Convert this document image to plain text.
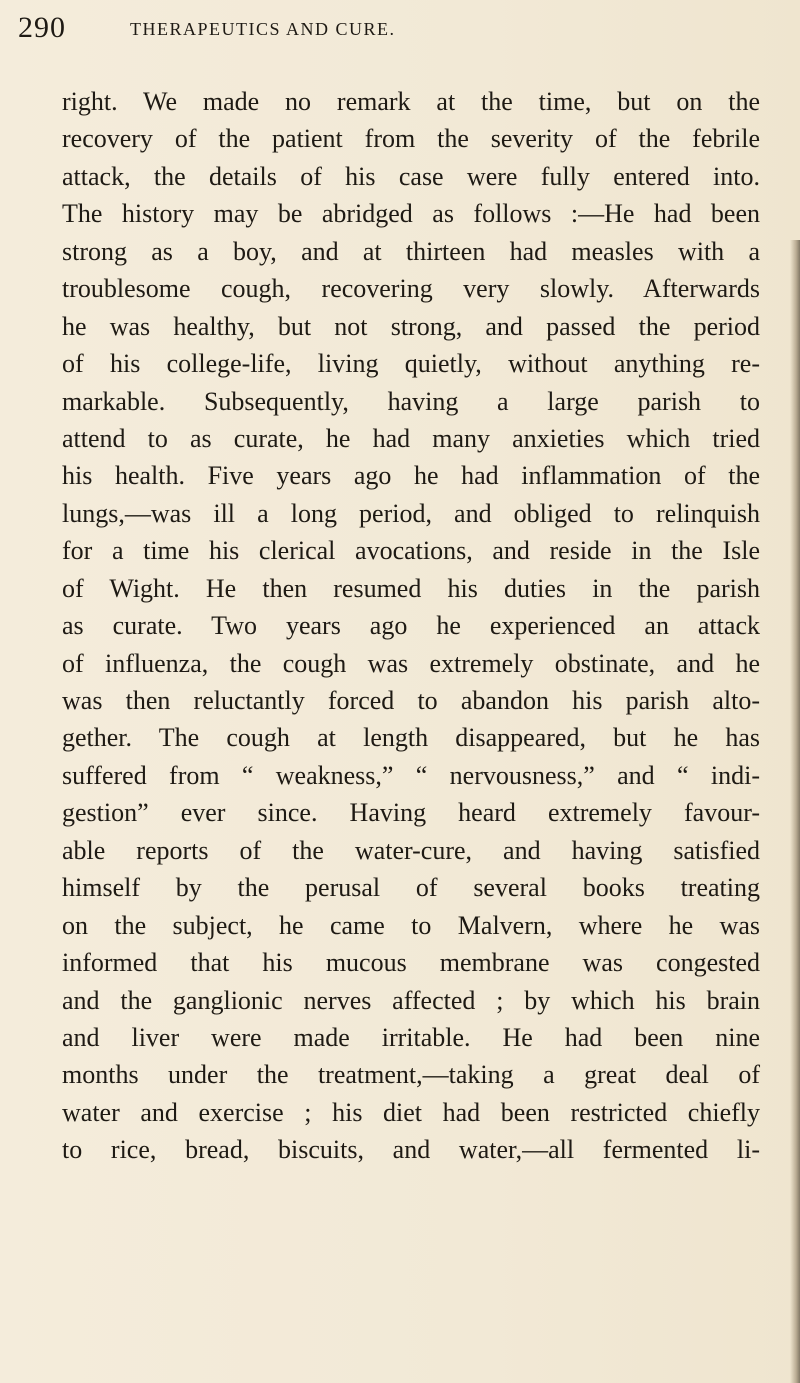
290	THERAPEUTICS AND CURE.
right. We made no remark at the time, but on the
recovery of the patient from the severity of the febrile
attack, the details of his case were fully entered into.
The history may be abridged as follows :—He had been
strong as a boy, and at thirteen had measles with a
troublesome cough, recovering very slowly. Afterwards
he was healthy, but not strong, and passed the period
of his college-life, living quietly, without anything re-
markable. Subsequently, having a large parish to
attend to as curate, he had many anxieties which tried
his health. Five years ago he had inflammation of the
lungs,—was ill a long period, and obliged to relinquish
for a time his clerical avocations, and reside in the Isle
of Wight. He then resumed his duties in the parish
as curate. Two years ago he experienced an attack
of influenza, the cough was extremely obstinate, and he
was then reluctantly forced to abandon his parish alto-
gether. The cough at length disappeared, but he has
suffered from “ weakness,” “ nervousness,” and “ indi-
gestion” ever since. Having heard extremely favour-
able reports of the water-cure, and having satisfied
himself by the perusal of several books treating
on the subject, he came to Malvern, where he was
informed that his mucous membrane was congested
and the ganglionic nerves affected ; by which his brain
and liver were made irritable. He had been nine
months under the treatment,—taking a great deal of
water and exercise ; his diet had been restricted chiefly
to rice, bread, biscuits, and water,—all fermented li-
